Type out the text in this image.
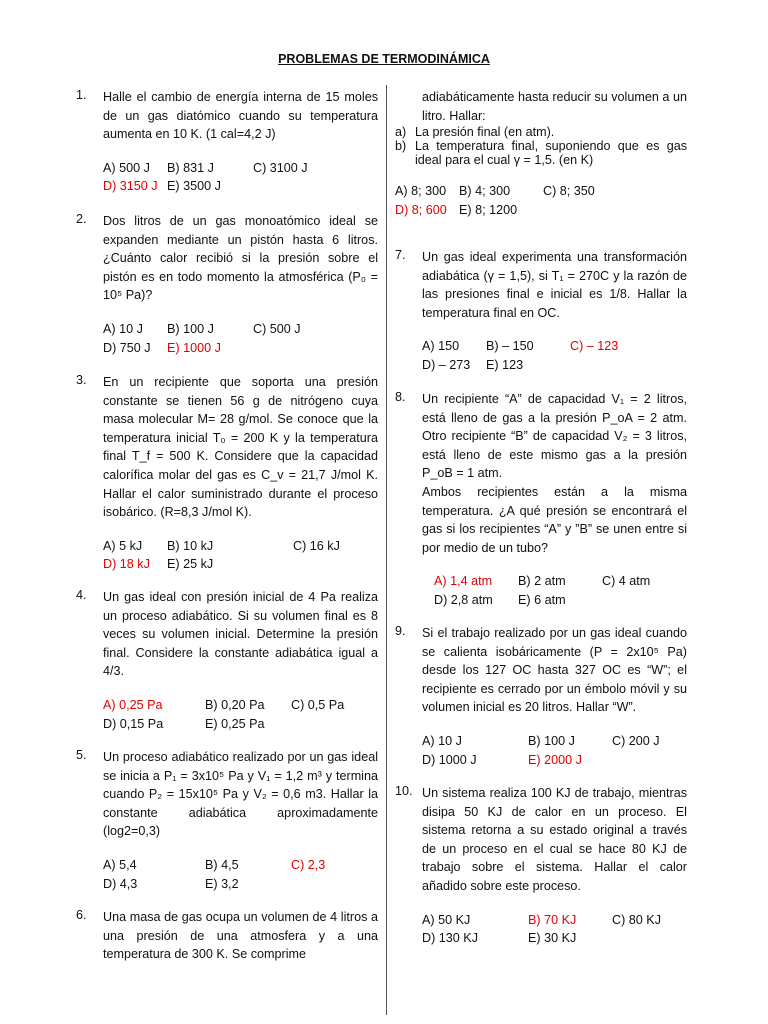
PROBLEMAS DE TERMODINÁMICA
1.	Halle el cambio de energía interna de 15 moles de un gas diatómico cuando su temperatura aumenta en 10 K. (1 cal=4,2 J)
A) 500 J	B) 831 J	C) 3100 J
D) 3150 J E) 3500 J
2.	Dos litros de un gas monoatómico ideal se expanden mediante un pistón hasta 6 litros. ¿Cuánto calor recibió si la presión sobre el pistón es en todo momento la atmosférica (P₀ = 10⁵ Pa)?
A) 10 J	B) 100 J	C) 500 J
D) 750 J	E) 1000 J
3.	En un recipiente que soporta una presión constante se tienen 56 g de nitrógeno cuya masa molecular M= 28 g/mol. Se conoce que la temperatura inicial T₀ = 200 K y la temperatura final T_f = 500 K. Considere que la capacidad calorífica molar del gas es C_v = 21,7 J/mol K. Hallar el calor suministrado durante el proceso isobárico. (R=8,3 J/mol K).
A) 5 kJ	B) 10 kJ	C) 16 kJ
D) 18 kJ	E) 25 kJ
4.	Un gas ideal con presión inicial de 4 Pa realiza un proceso adiabático. Si su volumen final es 8 veces su volumen inicial. Determine la presión final. Considere la constante adiabática igual a 4/3.
A) 0,25 Pa	B) 0,20 Pa	C) 0,5 Pa
D) 0,15 Pa	E) 0,25 Pa
5.	Un proceso adiabático realizado por un gas ideal se inicia a P₁ = 3x10⁵ Pa y V₁ = 1,2 m³ y termina cuando P₂ = 15x10⁵ Pa y V₂ = 0,6 m3. Hallar la constante adiabática aproximadamente (log2=0,3)
A) 5,4	B) 4,5	C) 2,3
D) 4,3	E) 3,2
6.	Una masa de gas ocupa un volumen de 4 litros a una presión de una atmosfera y a una temperatura de 300 K. Se comprime
adiabáticamente hasta reducir su volumen a un litro. Hallar:
a) La presión final (en atm).
b) La temperatura final, suponiendo que es gas ideal para el cual γ = 1,5. (en K)
A) 8; 300	B) 4; 300	C) 8; 350
D) 8; 600 E) 8; 1200
7.	Un gas ideal experimenta una transformación adiabática (γ = 1,5), si T₁ = 270C y la razón de las presiones final e inicial es 1/8. Hallar la temperatura final en OC.
A) 150	B) – 150	C) – 123
D) – 273	E) 123
8.	Un recipiente “A” de capacidad V₁ = 2 litros, está lleno de gas a la presión P_oA = 2 atm. Otro recipiente “B” de capacidad V₂ = 3 litros, está lleno de este mismo gas a la presión P_oB = 1 atm.
Ambos recipientes están a la misma temperatura. ¿A qué presión se encontrará el gas si los recipientes “A” y ”B” se unen entre si por medio de un tubo?
A) 1,4 atm	B) 2 atm	C) 4 atm
D) 2,8 atm	E) 6 atm
9.	Si el trabajo realizado por un gas ideal cuando se calienta isobáricamente (P = 2x10⁵ Pa) desde los 127 OC hasta 327 OC es “W”; el recipiente es cerrado por un émbolo móvil y su volumen inicial es 20 litros. Hallar “W”.
A) 10 J	B) 100 J	C) 200 J
D) 1000 J	E) 2000 J
10. Un sistema realiza 100 KJ de trabajo, mientras disipa 50 KJ de calor en un proceso. El sistema retorna a su estado original a través de un proceso en el cual se hace 80 KJ de trabajo sobre el sistema. Hallar el calor añadido sobre este proceso.
A) 50 KJ	B) 70 KJ	C) 80 KJ
D) 130 KJ	E) 30 KJ
